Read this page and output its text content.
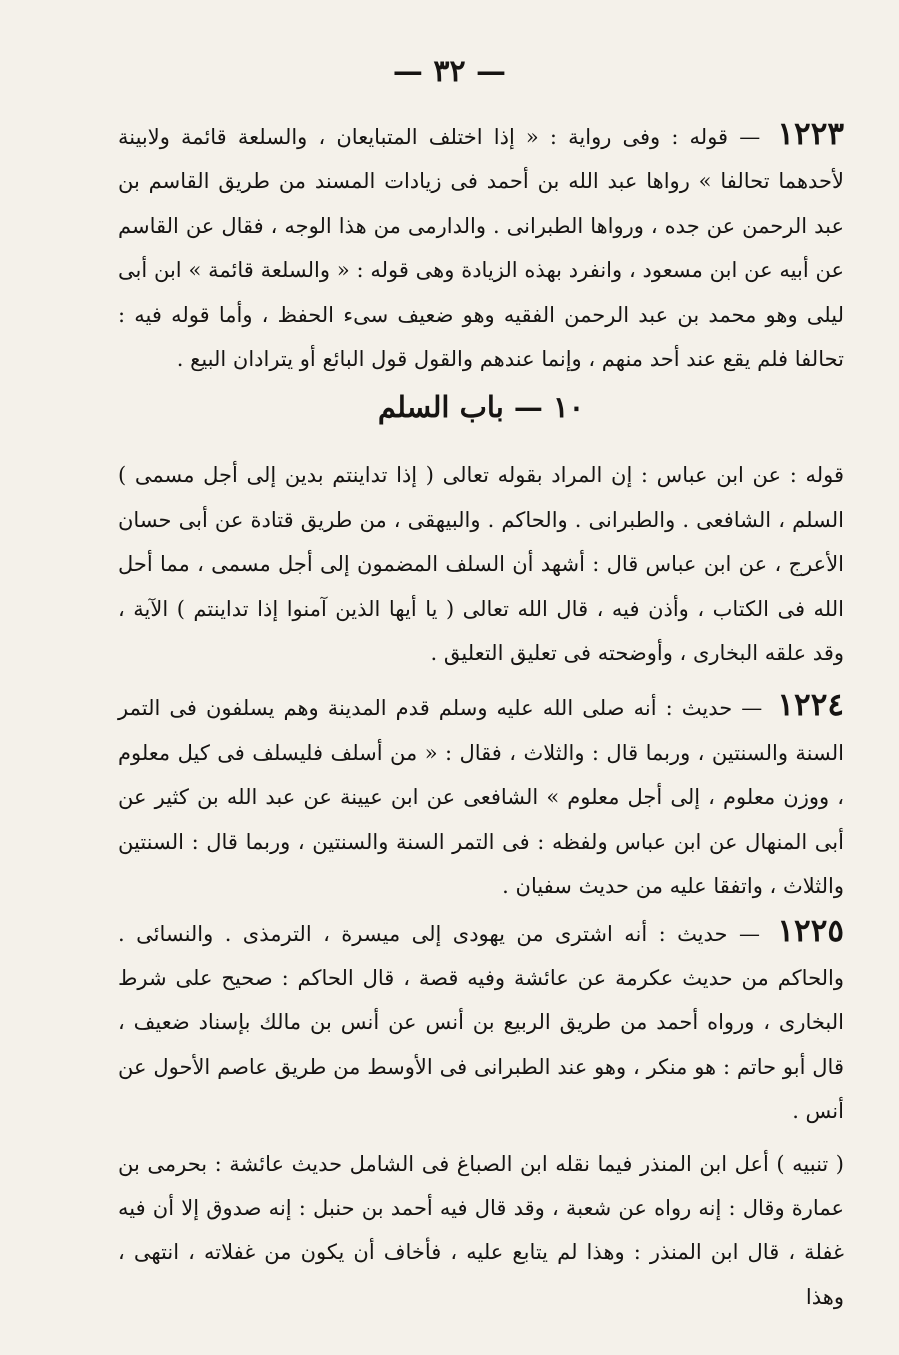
— ٣٢ —

١٢٢٣ — قوله : وفى رواية : « إذا اختلف المتبايعان ، والسلعة قائمة ولابينة لأحدهما تحالفا » رواها عبد الله بن أحمد فى زيادات المسند من طريق القاسم بن عبد الرحمن عن جده ، ورواها الطبرانى . والدارمى من هذا الوجه ، فقال عن القاسم عن أبيه عن ابن مسعود ، وانفرد بهذه الزيادة وهى قوله : « والسلعة قائمة » ابن أبى ليلى وهو محمد بن عبد الرحمن الفقيه وهو ضعيف سىء الحفظ ، وأما قوله فيه : تحالفا فلم يقع عند أحد منهم ، وإنما عندهم والقول قول البائع أو يترادان البيع .

١٠ — باب السلم

قوله : عن ابن عباس : إن المراد بقوله تعالى ( إذا تداينتم بدين إلى أجل مسمى ) السلم ، الشافعى . والطبرانى . والحاكم . والبيهقى ، من طريق قتادة عن أبى حسان الأعرج ، عن ابن عباس قال : أشهد أن السلف المضمون إلى أجل مسمى ، مما أحل الله فى الكتاب ، وأذن فيه ، قال الله تعالى ( يا أيها الذين آمنوا إذا تداينتم ) الآية ، وقد علقه البخارى ، وأوضحته فى تعليق التعليق .

١٢٢٤ — حديث : أنه صلى الله عليه وسلم قدم المدينة وهم يسلفون فى التمر السنة والسنتين ، وربما قال : والثلاث ، فقال : « من أسلف فليسلف فى كيل معلوم ، ووزن معلوم ، إلى أجل معلوم » الشافعى عن ابن عيينة عن عبد الله بن كثير عن أبى المنهال عن ابن عباس ولفظه : فى التمر السنة والسنتين ، وربما قال : السنتين والثلاث ، واتفقا عليه من حديث سفيان .

١٢٢٥ — حديث : أنه اشترى من يهودى إلى ميسرة ، الترمذى . والنسائى . والحاكم من حديث عكرمة عن عائشة وفيه قصة ، قال الحاكم : صحيح على شرط البخارى ، ورواه أحمد من طريق الربيع بن أنس عن أنس بن مالك بإسناد ضعيف ، قال أبو حاتم : هو منكر ، وهو عند الطبرانى فى الأوسط من طريق عاصم الأحول عن أنس .

( تنبيه ) أعل ابن المنذر فيما نقله ابن الصباغ فى الشامل حديث عائشة : بحرمى بن عمارة وقال : إنه رواه عن شعبة ، وقد قال فيه أحمد بن حنبل : إنه صدوق إلا أن فيه غفلة ، قال ابن المنذر : وهذا لم يتابع عليه ، فأخاف أن يكون من غفلاته ، انتهى ، وهذا
